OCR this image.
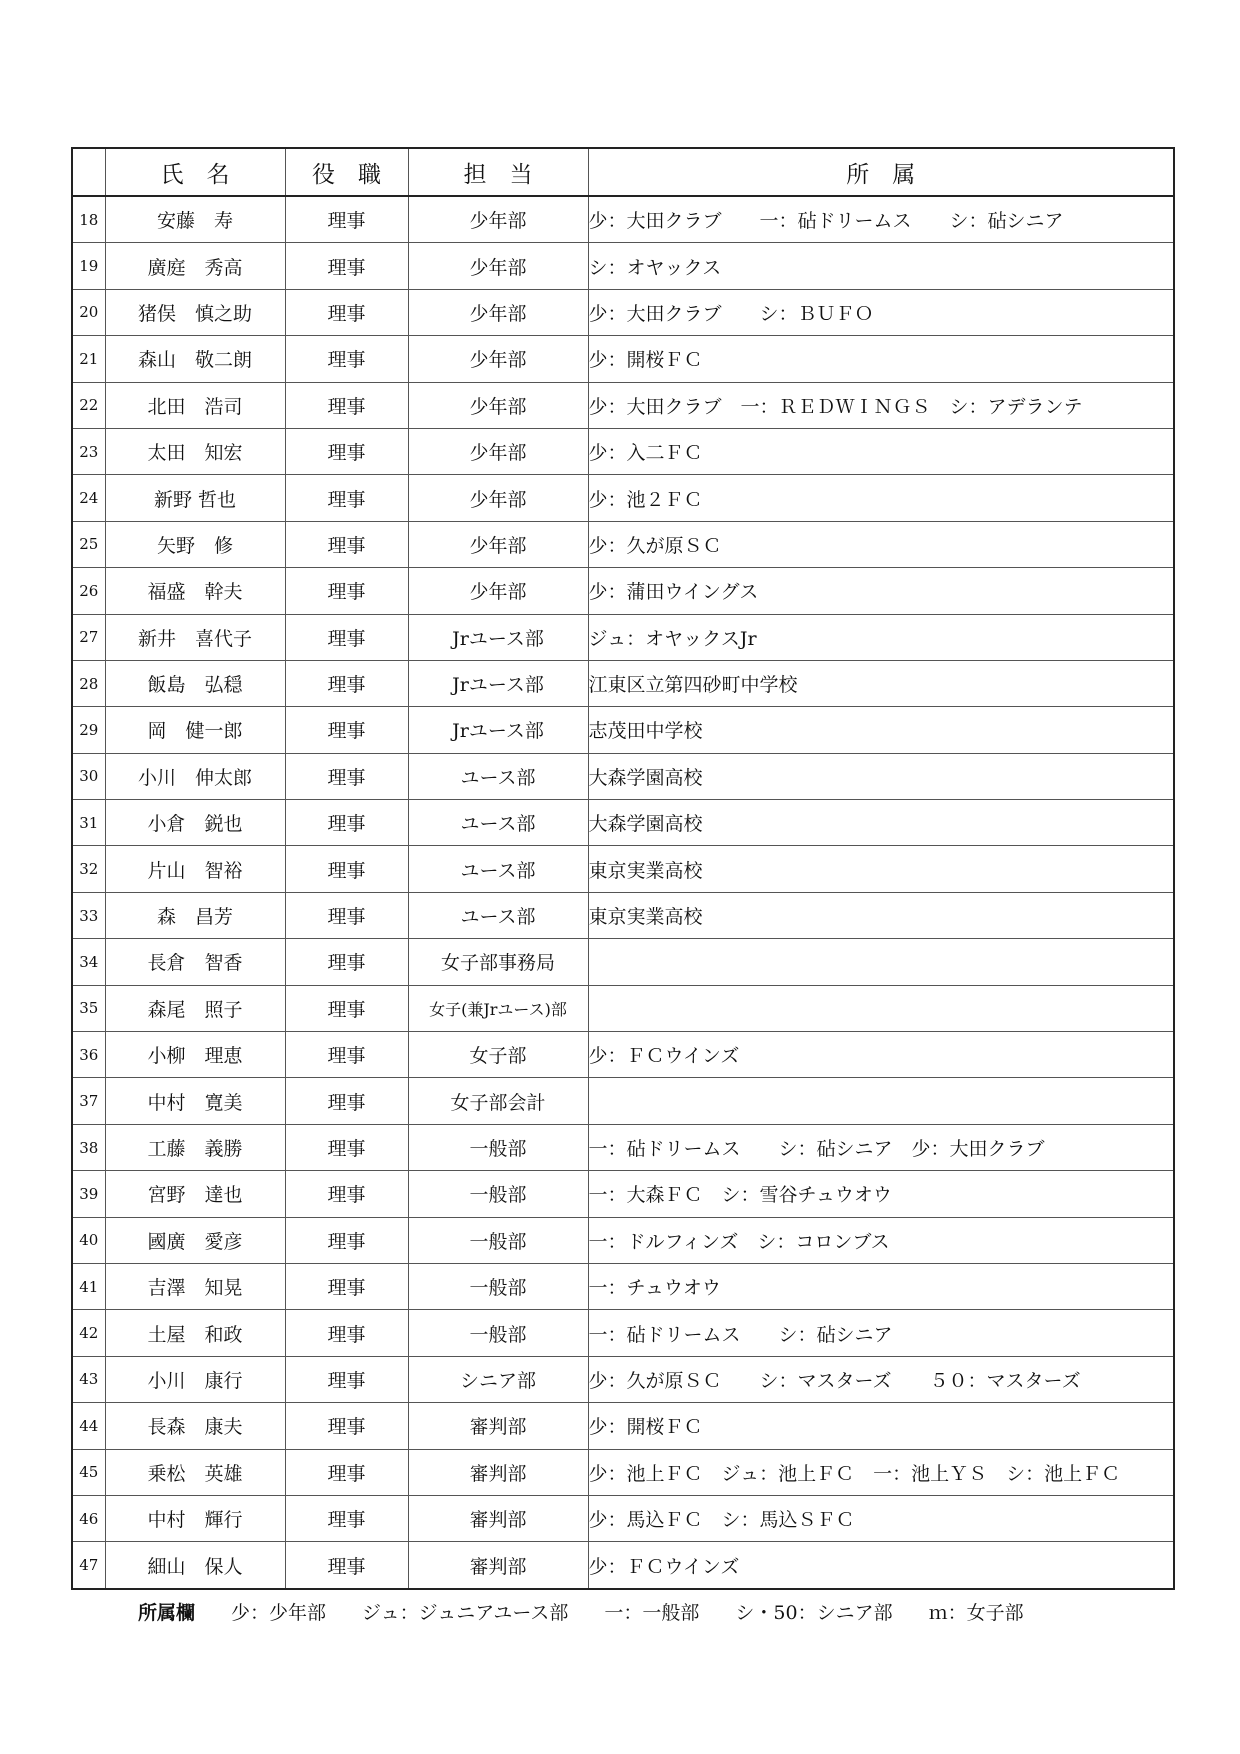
	氏　名	役　職	担　当	所　属
18	安藤　寿	理事	少年部	少：大田クラブ　　一：砧ドリームス　　シ：砧シニア
19	廣庭　秀高	理事	少年部	シ：オヤックス
20	猪俣　慎之助	理事	少年部	少：大田クラブ　　シ：ＢＵＦＯ
21	森山　敬二朗	理事	少年部	少：開桜ＦＣ
22	北田　浩司	理事	少年部	少：大田クラブ　一：ＲＥＤＷＩＮＧＳ　シ：アデランテ
23	太田　知宏	理事	少年部	少：入二ＦＣ
24	新野 哲也	理事	少年部	少：池２ＦＣ
25	矢野　修	理事	少年部	少：久が原ＳＣ
26	福盛　幹夫	理事	少年部	少：蒲田ウイングス
27	新井　喜代子	理事	Jrユース部	ジュ：オヤックスJr
28	飯島　弘穏	理事	Jrユース部	江東区立第四砂町中学校
29	岡　健一郎	理事	Jrユース部	志茂田中学校
30	小川　伸太郎	理事	ユース部	大森学園高校
31	小倉　鋭也	理事	ユース部	大森学園高校
32	片山　智裕	理事	ユース部	東京実業高校
33	森　昌芳	理事	ユース部	東京実業高校
34	長倉　智香	理事	女子部事務局	
35	森尾　照子	理事	女子(兼Jrユース)部	
36	小柳　理恵	理事	女子部	少：ＦＣウインズ
37	中村　寛美	理事	女子部会計	
38	工藤　義勝	理事	一般部	一：砧ドリームス　　シ：砧シニア　少：大田クラブ
39	宮野　達也	理事	一般部	一：大森ＦＣ　シ：雪谷チュウオウ
40	國廣　愛彦	理事	一般部	一：ドルフィンズ　シ：コロンブス
41	吉澤　知晃	理事	一般部	一：チュウオウ
42	土屋　和政	理事	一般部	一：砧ドリームス　　シ：砧シニア
43	小川　康行	理事	シニア部	少：久が原ＳＣ　　シ：マスターズ　　５０：マスターズ
44	長森　康夫	理事	審判部	少：開桜ＦＣ
45	乗松　英雄	理事	審判部	少：池上ＦＣ　ジュ：池上ＦＣ　一：池上ＹＳ　シ：池上ＦＣ
46	中村　輝行	理事	審判部	少：馬込ＦＣ　シ：馬込ＳＦＣ
47	細山　保人	理事	審判部	少：ＦＣウインズ
所属欄 少：少年部 ジュ：ジュニアユース部 一：一般部 シ・50：シニア部 ｍ：女子部
